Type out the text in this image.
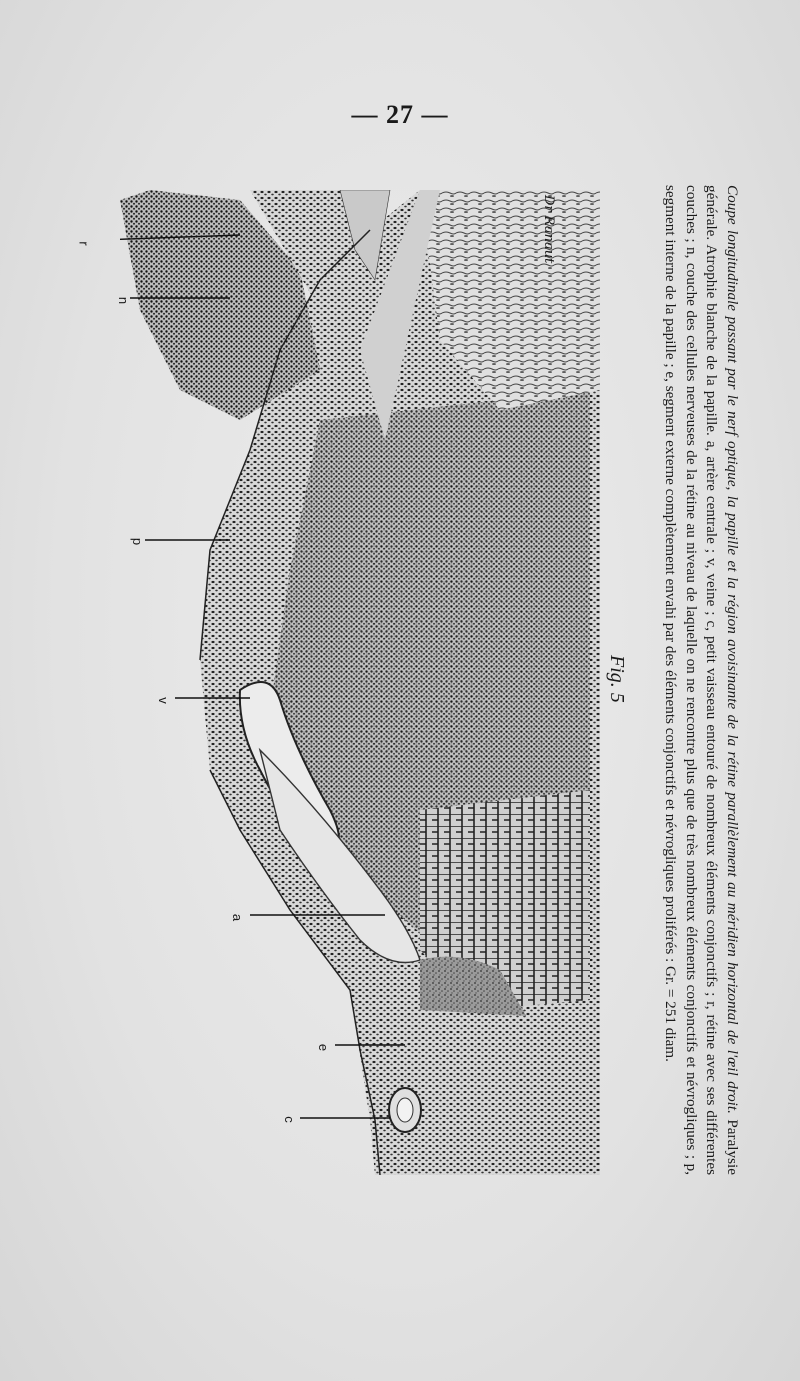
— 27 —
r
n
p
v
a
e
c
Dr Ranaut
Fig. 5	Coupe longitudinale passant par le nerf optique, la papille et la région avoisinante de la rétine parallèlement au méridien horizontal de l'œil droit. Paralysie générale. Atrophie blanche de la papille. a, artère centrale ; v, veine ; c, petit vaisseau entouré de nombreux éléments conjonctifs ; r, rétine avec ses différentes couches ; n, couche des cellules nerveuses de la rétine au niveau de laquelle on ne rencontre plus que de très nombreux éléments conjonctifs et névrogliques ; p, segment interne de la papille ; e, segment externe complètement envahi par des éléments conjonctifs et névrogliques proliférés : Gr. = 251 diam.
